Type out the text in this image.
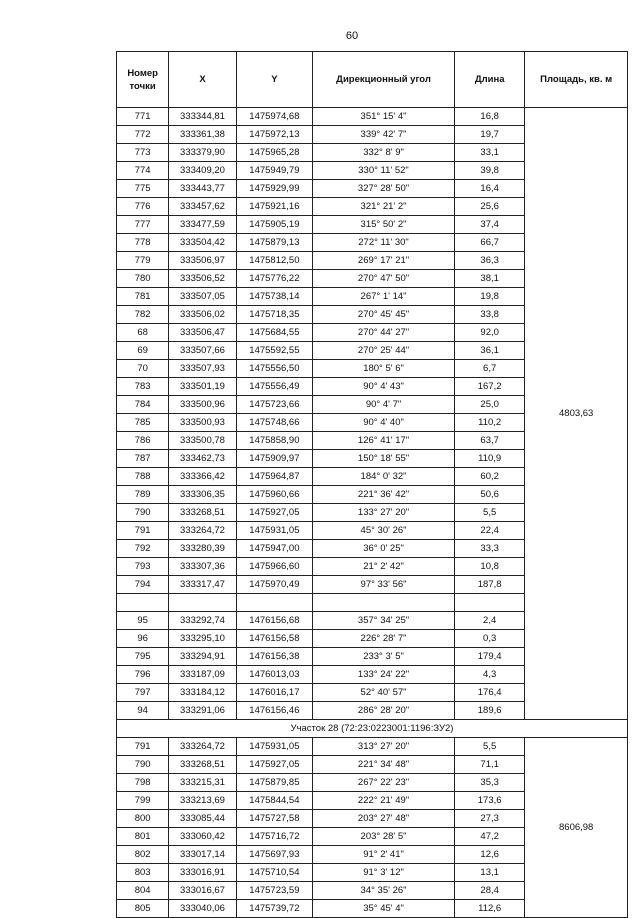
60
Номер точки	X	Y	Дирекционный угол	Длина	Площадь, кв. м
771	333344,81	1475974,68	351° 15' 4"	16,8	4803,63
772	333361,38	1475972,13	339° 42' 7"	19,7	
773	333379,90	1475965,28	332° 8' 9"	33,1	
774	333409,20	1475949,79	330° 11' 52"	39,8	
775	333443,77	1475929,99	327° 28' 50"	16,4	
776	333457,62	1475921,16	321° 21' 2"	25,6	
777	333477,59	1475905,19	315° 50' 2"	37,4	
778	333504,42	1475879,13	272° 11' 30"	66,7	
779	333506,97	1475812,50	269° 17' 21"	36,3	
780	333506,52	1475776,22	270° 47' 50"	38,1	
781	333507,05	1475738,14	267° 1' 14"	19,8	
782	333506,02	1475718,35	270° 45' 45"	33,8	
68	333506,47	1475684,55	270° 44' 27"	92,0	
69	333507,66	1475592,55	270° 25' 44"	36,1	
70	333507,93	1475556,50	180° 5' 6"	6,7	
783	333501,19	1475556,49	90° 4' 43"	167,2	
784	333500,96	1475723,66	90° 4' 7"	25,0	
785	333500,93	1475748,66	90° 4' 40"	110,2	
786	333500,78	1475858,90	126° 41' 17"	63,7	
787	333462,73	1475909,97	150° 18' 55"	110,9	
788	333366,42	1475964,87	184° 0' 32"	60,2	
789	333306,35	1475960,66	221° 36' 42"	50,6	
790	333268,51	1475927,05	133° 27' 20"	5,5	
791	333264,72	1475931,05	45° 30' 26"	22,4	
792	333280,39	1475947,00	36° 0' 25"	33,3	
793	333307,36	1475966,60	21° 2' 42"	10,8	
794	333317,47	1475970,49	97° 33' 56"	187,8	

95	333292,74	1476156,68	357° 34' 25"	2,4	
96	333295,10	1476156,58	226° 28' 7"	0,3	
795	333294,91	1476156,38	233° 3' 5"	179,4	
796	333187,09	1476013,03	133° 24' 22"	4,3	
797	333184,12	1476016,17	52° 40' 57"	176,4	
94	333291,06	1476156,46	286° 28' 20"	189,6	
Участок 28 (72:23:0223001:1196:ЗУ2)					
791	333264,72	1475931,05	313° 27' 20"	5,5	8606,98
790	333268,51	1475927,05	221° 34' 48"	71,1	
798	333215,31	1475879,85	267° 22' 23"	35,3	
799	333213,69	1475844,54	222° 21' 49"	173,6	
800	333085,44	1475727,58	203° 27' 48"	27,3	
801	333060,42	1475716,72	203° 28' 5"	47,2	
802	333017,14	1475697,93	91° 2' 41"	12,6	
803	333016,91	1475710,54	91° 3' 12"	13,1	
804	333016,67	1475723,59	34° 35' 26"	28,4	
805	333040,06	1475739,72	35° 45' 4"	112,6	
